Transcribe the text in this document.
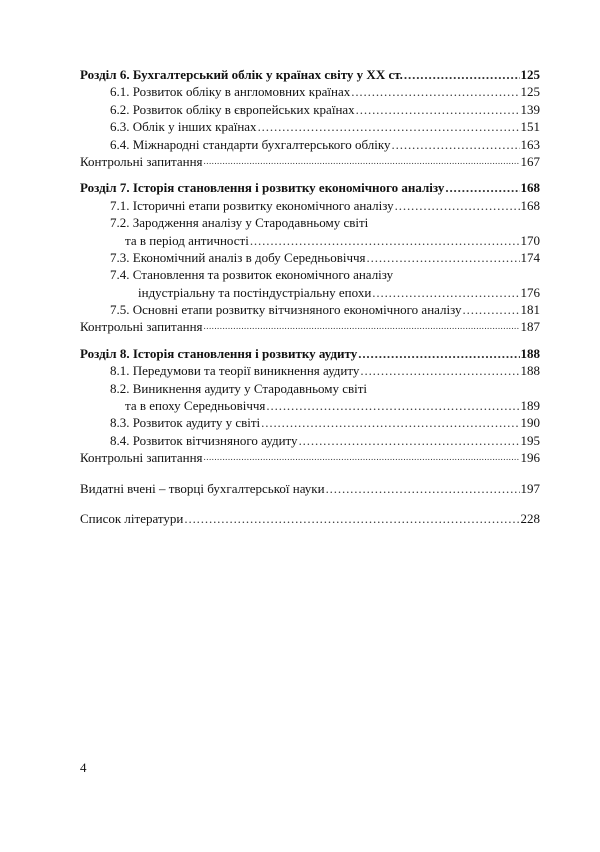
Розділ 6. Бухгалтерський облік у країнах світу у XX ст. . . .	125
6.1. Розвиток обліку в англомовних країнах . . .	125
6.2. Розвиток обліку в європейських країнах . . .	139
6.3. Облік у інших країнах . . .	151
6.4. Міжнародні стандарти бухгалтерського обліку . . .	163
Контрольні запитання . . .	167
Розділ 7. Історія становлення і розвитку економічного аналізу . . .	168
7.1. Історичні етапи розвитку економічного аналізу . . .	168
7.2. Зародження аналізу у Стародавньому світі
та в період античності . . .	170
7.3. Економічний аналіз в добу Середньовіччя . . .	174
7.4. Становлення та розвиток економічного аналізу
індустріальну та постіндустріальну епохи . . .	176
7.5. Основні етапи розвитку вітчизняного економічного аналізу . . .	181
Контрольні запитання . . .	187
Розділ 8. Історія становлення і розвитку аудиту . . .	188
8.1. Передумови та теорії виникнення аудиту . . .	188
8.2. Виникнення аудиту у Стародавньому світі
та в епоху Середньовіччя . . .	189
8.3. Розвиток аудиту у світі . . .	190
8.4. Розвиток вітчизняного аудиту . . .	195
Контрольні запитання . . .	196
Видатні вчені – творці бухгалтерської науки . . .	197
Список літератури . . .	228
4
